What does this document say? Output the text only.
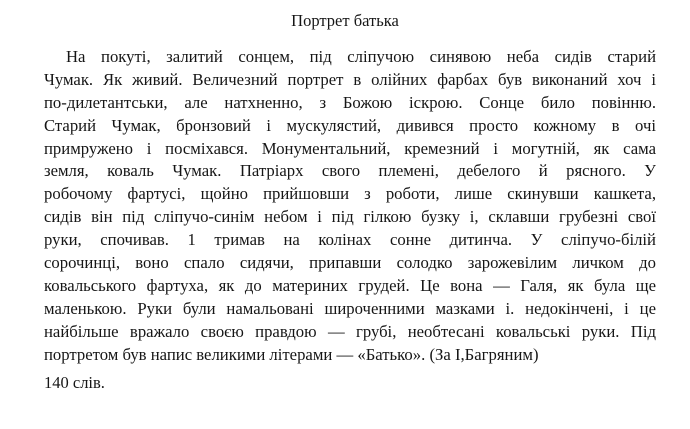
Портрет батька
На покуті, залитий сонцем, під сліпучою синявою неба сидів старий
Чумак. Як живий. Величезний портрет в олійних фарбах був виконаний хоч і
по-дилетантськи, але натхненно, з Божою іскрою. Сонце било повінню.
Старий Чумак, бронзовий і мускулястий, дивився просто кожному в очі
примружено і посміхався. Монументальний, кремезний і могутній, як сама
земля, коваль Чумак. Патріарх свого племені, дебелого й рясного. У
робочому фартусі, щойно прийшовши з роботи, лише скинувши кашкета,
сидів він під сліпучо-синім небом і під гілкою бузку і, склавши грубезні свої
руки, спочивав. 1 тримав на колінах сонне дитинча. У сліпучо-білій
сорочинці, воно спало сидячи, припавши солодко зарожевілим личком до
ковальського фартуха, як до материних грудей. Це вона — Галя, як була ще
маленькою. Руки були намальовані широченними мазками і. недокінчені, і це
найбільше вражало своєю правдою — грубі, необтесані ковальські руки. Під
портретом був напис великими літерами — «Батько». (За І,Багряним)
140 слів.
